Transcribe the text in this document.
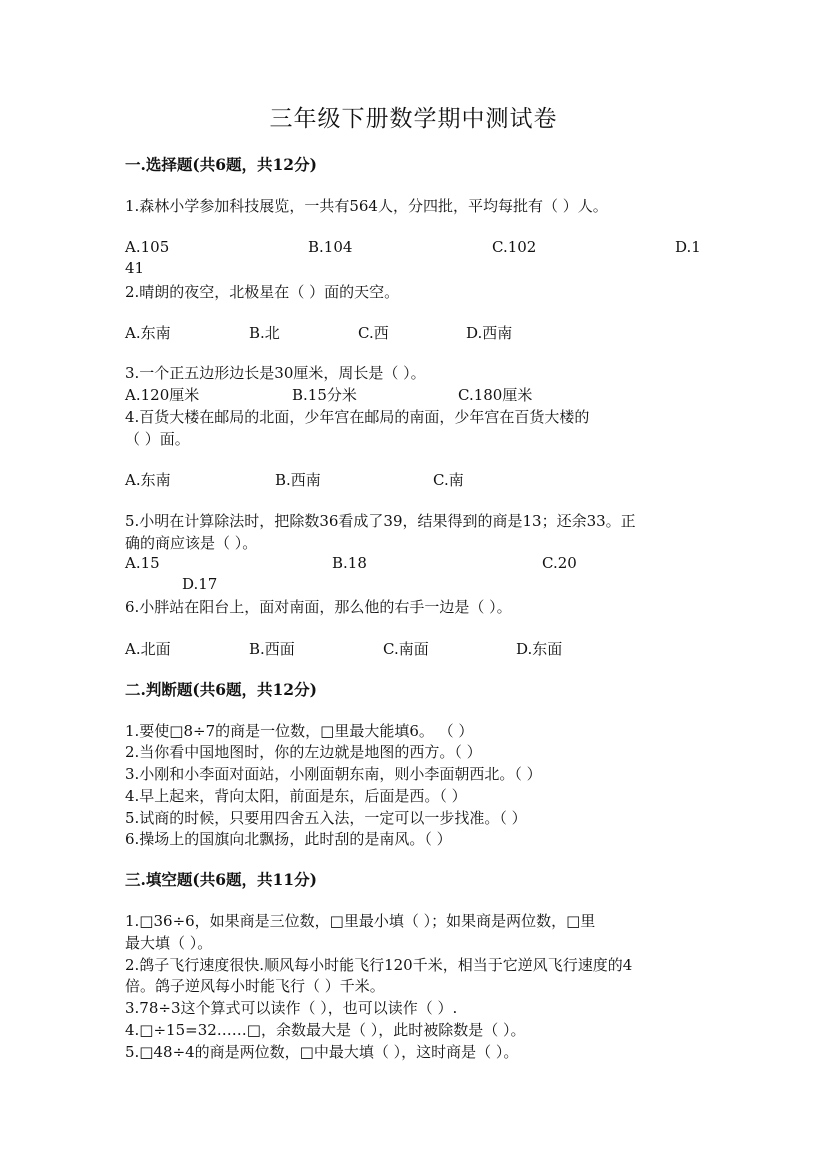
三年级下册数学期中测试卷
一.选择题(共6题，共12分)
1.森林小学参加科技展览，一共有564人，分四批，平均每批有（ ）人。
A.105	B.104	C.102	D.1
41
2.晴朗的夜空，北极星在（ ）面的天空。
A.东南	B.北	C.西	D.西南
3.一个正五边形边长是30厘米，周长是（ ）。
A.120厘米	B.15分米	C.180厘米
4.百货大楼在邮局的北面，少年宫在邮局的南面，少年宫在百货大楼的
（ ）面。
A.东南	B.西南	C.南
5.小明在计算除法时，把除数36看成了39，结果得到的商是13；还余33。正
确的商应该是（ ）。
A.15	B.18	C.20
D.17
6.小胖站在阳台上，面对南面，那么他的右手一边是（ ）。
A.北面	B.西面	C.南面	D.东面
二.判断题(共6题，共12分)
1.要使□8÷7的商是一位数，□里最大能填6。 （ ）
2.当你看中国地图时，你的左边就是地图的西方。（ ）
3.小刚和小李面对面站，小刚面朝东南，则小李面朝西北。（ ）
4.早上起来，背向太阳，前面是东，后面是西。（ ）
5.试商的时候，只要用四舍五入法，一定可以一步找准。（ ）
6.操场上的国旗向北飘扬，此时刮的是南风。（ ）
三.填空题(共6题，共11分)
1.□36÷6，如果商是三位数，□里最小填（ ）；如果商是两位数，□里
最大填（ ）。
2.鸽子飞行速度很快.顺风每小时能飞行120千米，相当于它逆风飞行速度的4
倍。鸽子逆风每小时能飞行（ ）千米。
3.78÷3这个算式可以读作（ ），也可以读作（ ）.
4.□÷15=32……□，余数最大是（ ），此时被除数是（ ）。
5.□48÷4的商是两位数，□中最大填（ ），这时商是（ ）。
